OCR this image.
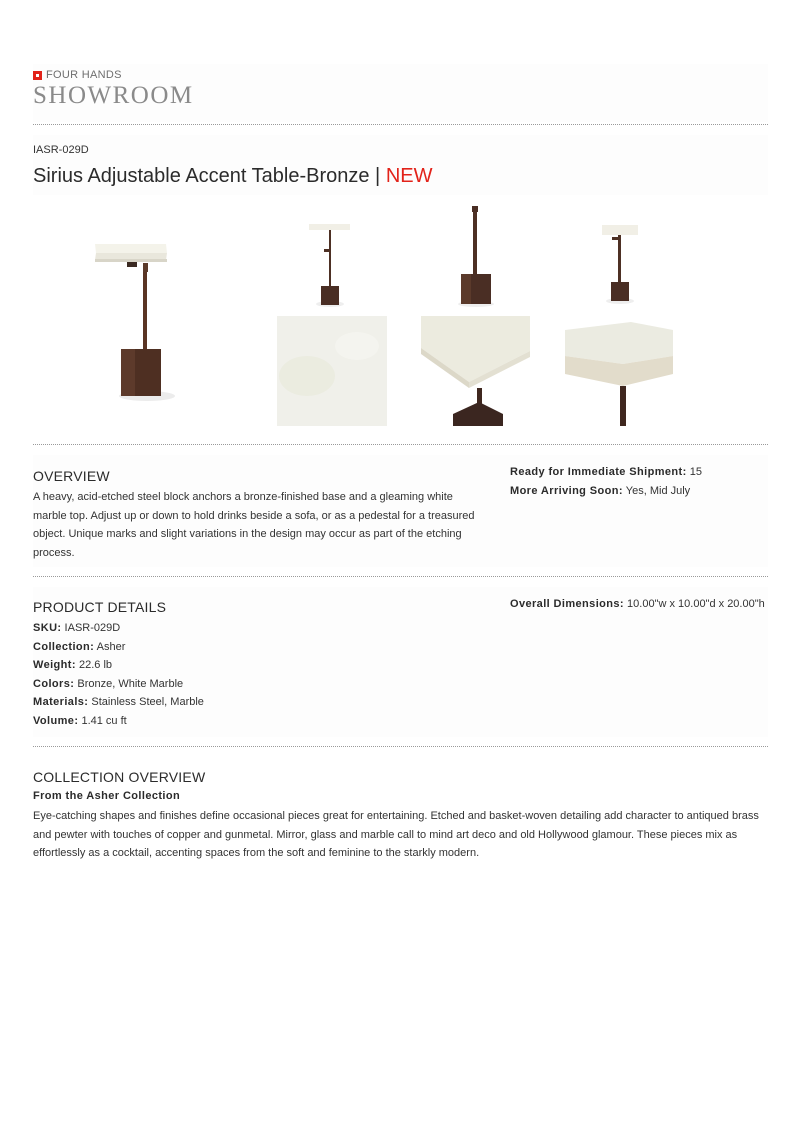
FOUR HANDS
SHOWROOM
IASR-029D
Sirius Adjustable Accent Table-Bronze | NEW
OVERVIEW
A heavy, acid-etched steel block anchors a bronze-finished base and a gleaming white marble top. Adjust up or down to hold drinks beside a sofa, or as a pedestal for a treasured object. Unique marks and slight variations in the design may occur as part of the etching process.
Ready for Immediate Shipment: 15
More Arriving Soon: Yes, Mid July
PRODUCT DETAILS
SKU: IASR-029D
Collection: Asher
Weight: 22.6 lb
Colors: Bronze, White Marble
Materials: Stainless Steel, Marble
Volume: 1.41 cu ft
Overall Dimensions: 10.00"w x 10.00"d x 20.00"h
COLLECTION OVERVIEW
From the Asher Collection
Eye-catching shapes and finishes define occasional pieces great for entertaining. Etched and basket-woven detailing add character to antiqued brass and pewter with touches of copper and gunmetal. Mirror, glass and marble call to mind art deco and old Hollywood glamour. These pieces mix as effortlessly as a cocktail, accenting spaces from the soft and feminine to the starkly modern.
